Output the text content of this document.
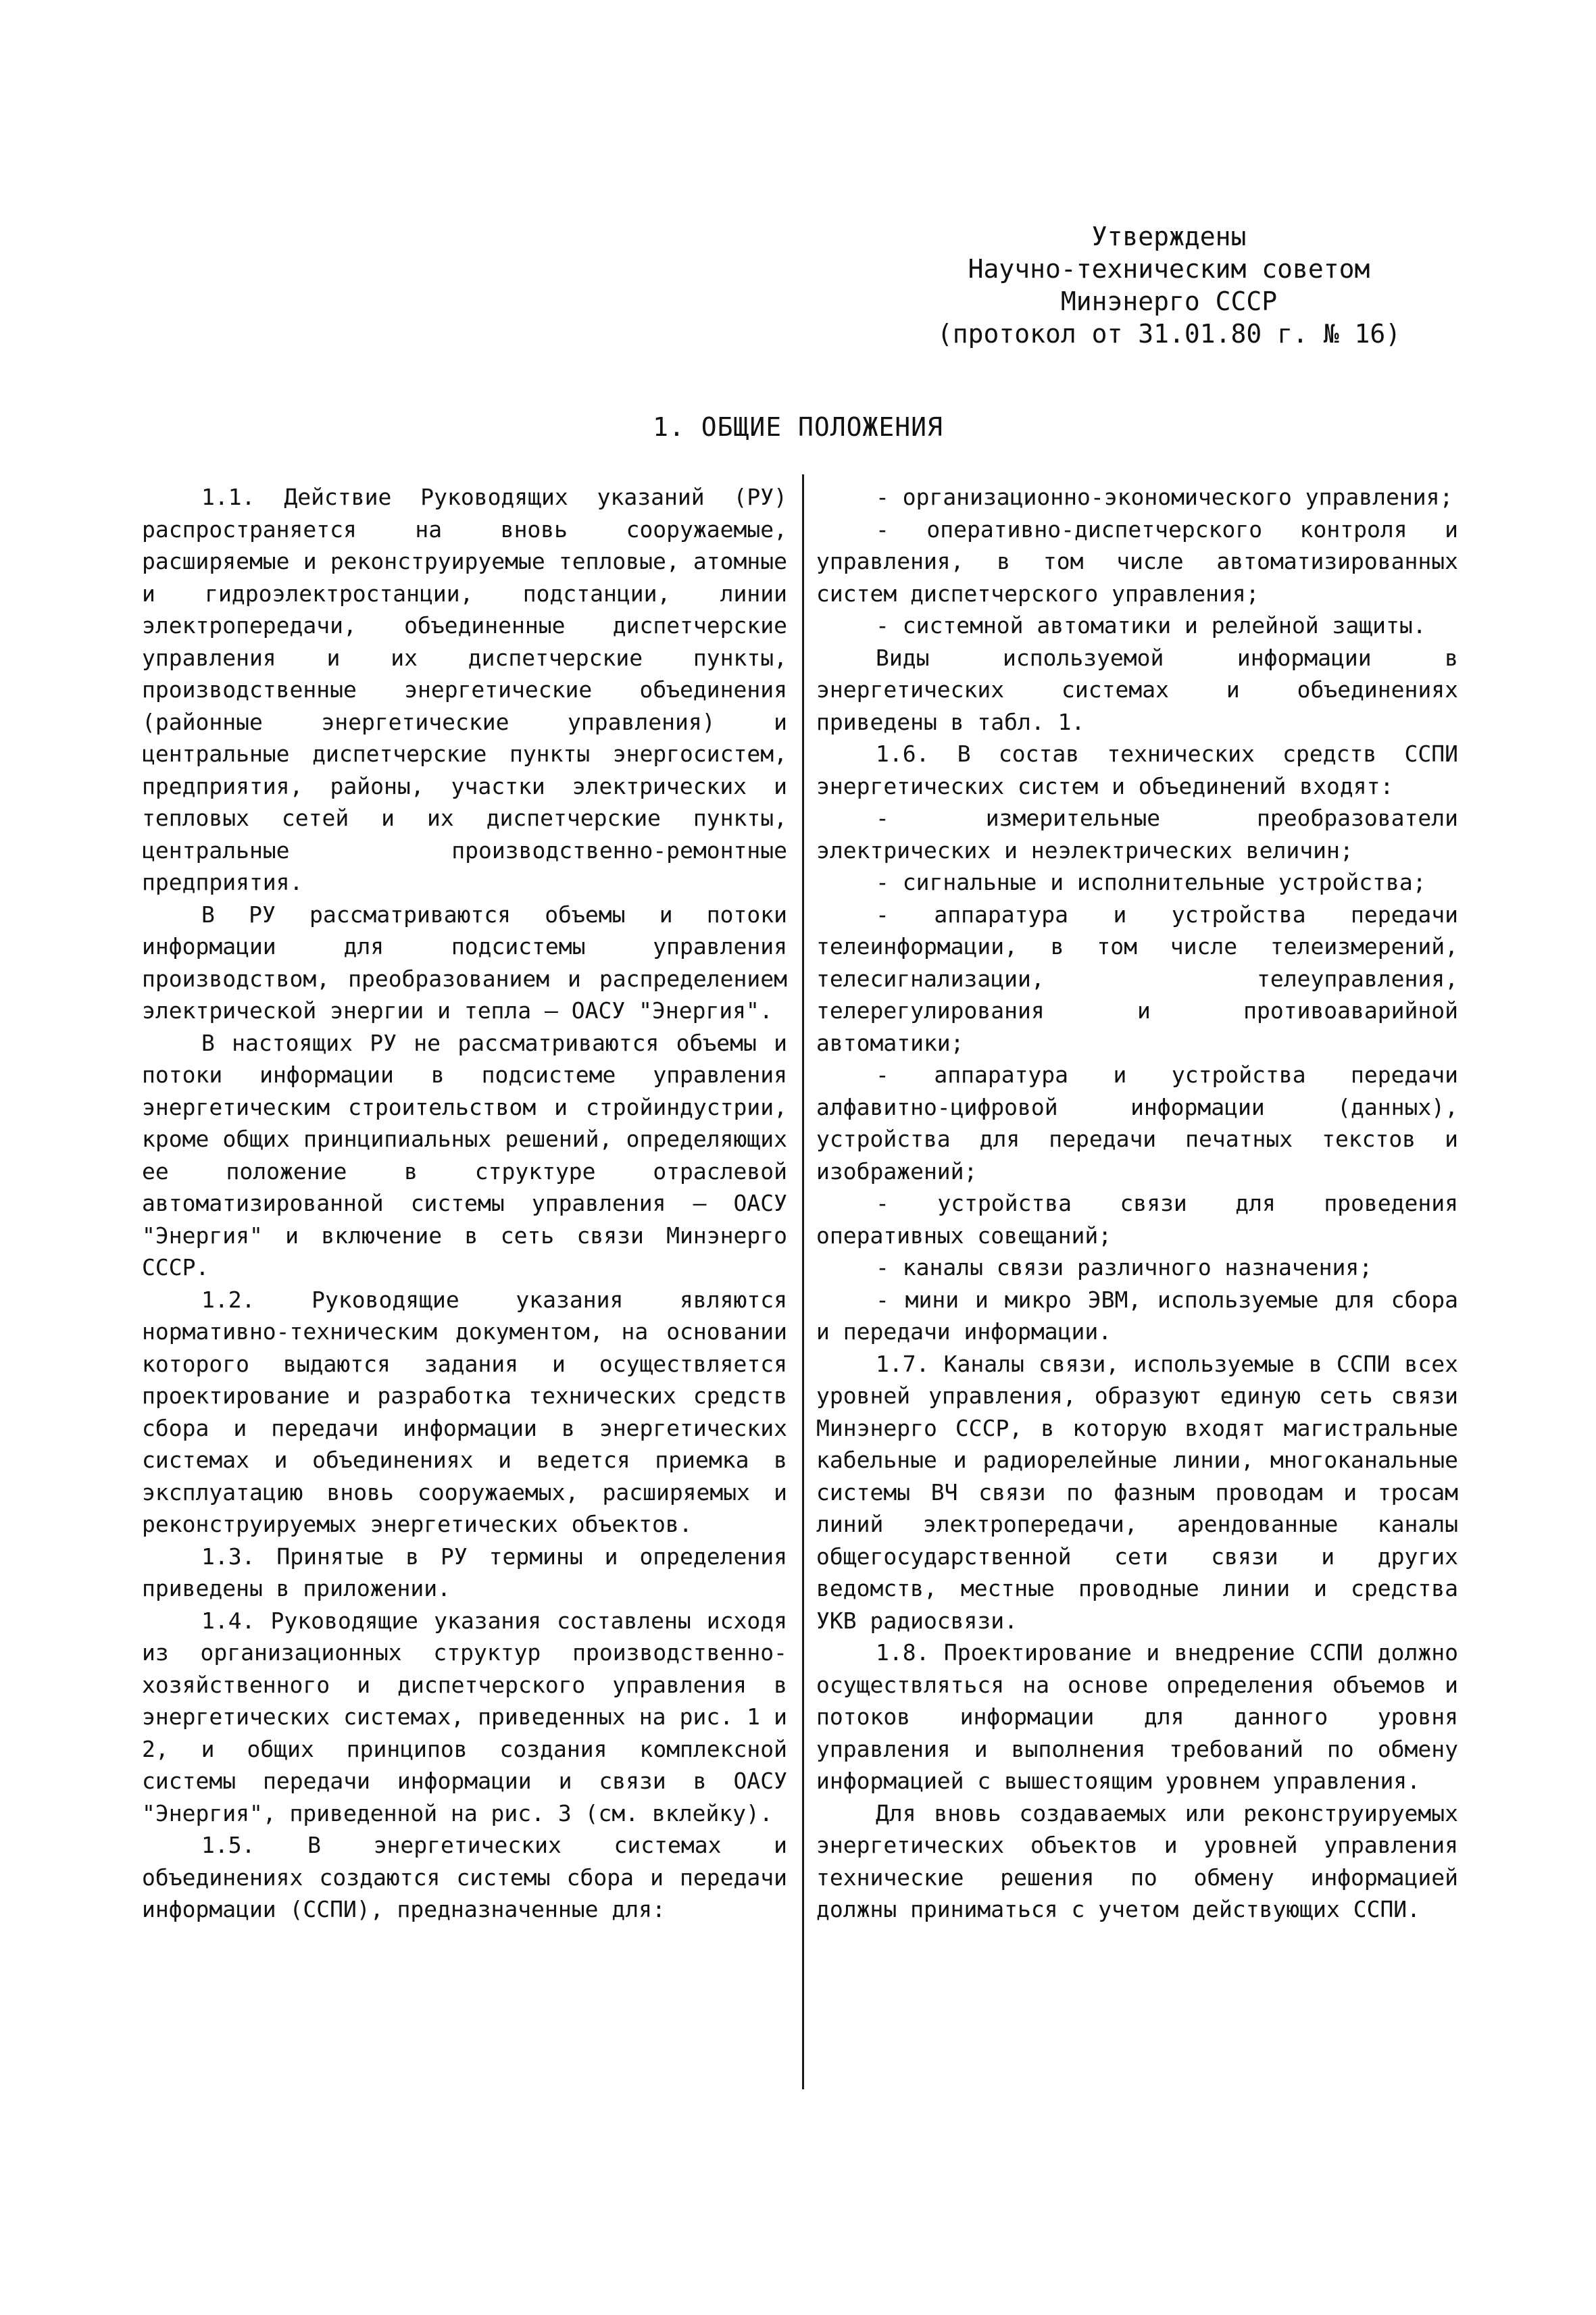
Утверждены
Научно-техническим советом
Минэнерго СССР
(протокол от 31.01.80 г. № 16)
1. ОБЩИЕ ПОЛОЖЕНИЯ

1.1. Действие Руководящих указаний (РУ) распространяется на вновь сооружаемые, расширяемые и реконструируемые тепловые, атомные и гидроэлектростанции, подстанции, линии электропередачи, объединенные диспетчерские управления и их диспетчерские пункты, производственные энергетические объединения (районные энергетические управления) и центральные диспетчерские пункты энергосистем, предприятия, районы, участки электрических и тепловых сетей и их диспетчерские пункты, центральные производственно-ремонтные предприятия.

В РУ рассматриваются объемы и потоки информации для подсистемы управления производством, преобразованием и распределением электрической энергии и тепла — ОАСУ "Энергия".

В настоящих РУ не рассматриваются объемы и потоки информации в подсистеме управления энергетическим строительством и стройиндустрии, кроме общих принципиальных решений, определяющих ее положение в структуре отраслевой автоматизированной системы управления — ОАСУ "Энергия" и включение в сеть связи Минэнерго СССР.

1.2. Руководящие указания являются нормативно-техническим документом, на основании которого выдаются задания и осуществляется проектирование и разработка технических средств сбора и передачи информации в энергетических системах и объединениях и ведется приемка в эксплуатацию вновь сооружаемых, расширяемых и реконструируемых энергетических объектов.

1.3. Принятые в РУ термины и определения приведены в приложении.

1.4. Руководящие указания составлены исходя из организационных структур производственно-хозяйственного и диспетчерского управления в энергетических системах, приведенных на рис. 1 и 2, и общих принципов создания комплексной системы передачи информации и связи в ОАСУ "Энергия", приведенной на рис. 3 (см. вклейку).

1.5. В энергетических системах и объединениях создаются системы сбора и передачи информации (ССПИ), предназначенные для:

- организационно-экономического управления;

- оперативно-диспетчерского контроля и управления, в том числе автоматизированных систем диспетчерского управления;

- системной автоматики и релейной защиты.

Виды используемой информации в энергетических системах и объединениях приведены в табл. 1.

1.6. В состав технических средств ССПИ энергетических систем и объединений входят:

- измерительные преобразователи электрических и неэлектрических величин;

- сигнальные и исполнительные устройства;

- аппаратура и устройства передачи телеинформации, в том числе телеизмерений, телесигнализации, телеуправления, телерегулирования и противоаварийной автоматики;

- аппаратура и устройства передачи алфавитно-цифровой информации (данных), устройства для передачи печатных текстов и изображений;

- устройства связи для проведения оперативных совещаний;

- каналы связи различного назначения;

- мини и микро ЭВМ, используемые для сбора и передачи информации.

1.7. Каналы связи, используемые в ССПИ всех уровней управления, образуют единую сеть связи Минэнерго СССР, в которую входят магистральные кабельные и радиорелейные линии, многоканальные системы ВЧ связи по фазным проводам и тросам линий электропередачи, арендованные каналы общегосударственной сети связи и других ведомств, местные проводные линии и средства УКВ радиосвязи.

1.8. Проектирование и внедрение ССПИ должно осуществляться на основе определения объемов и потоков информации для данного уровня управления и выполнения требований по обмену информацией с вышестоящим уровнем управления.

Для вновь создаваемых или реконструируемых энергетических объектов и уровней управления технические решения по обмену информацией должны приниматься с учетом действующих ССПИ.
